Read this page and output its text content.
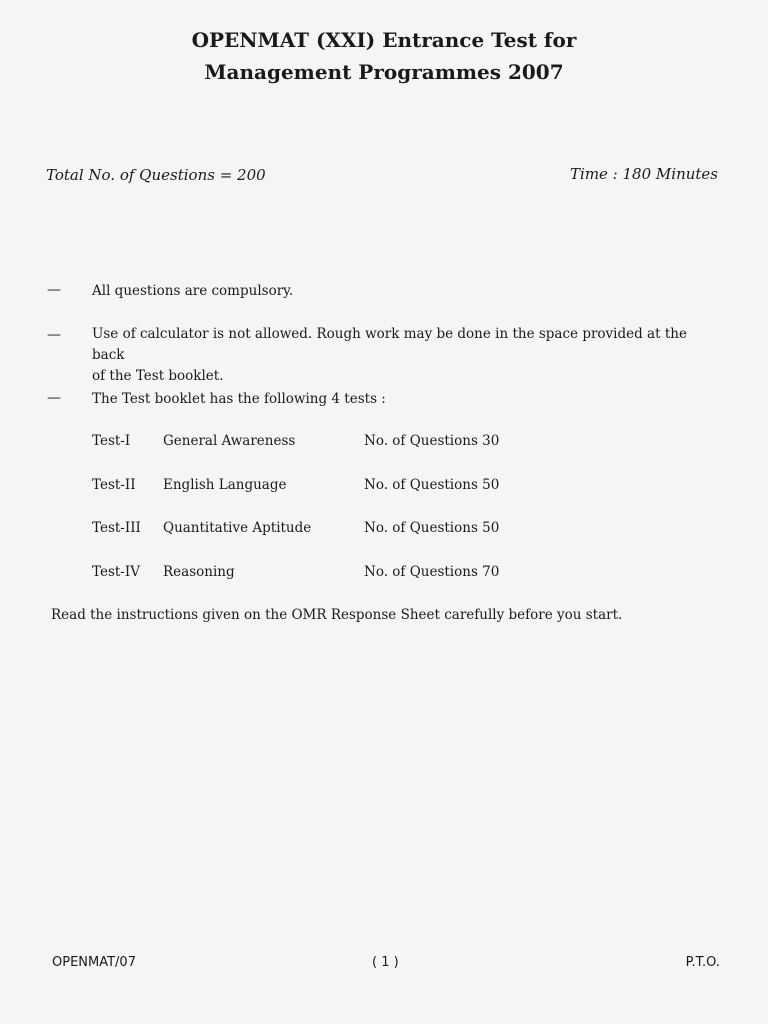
OPENMAT (XXI) Entrance Test for
Management Programmes 2007
Total No. of Questions = 200	Time : 180 Minutes
— All questions are compulsory.
— Use of calculator is not allowed. Rough work may be done in the space provided at the back
of the Test booklet.
— The Test booklet has the following 4 tests :
Test-I General Awareness	No. of Questions 30
Test-II English Language	No. of Questions 50
Test-III Quantitative Aptitude	No. of Questions 50
Test-IV Reasoning	No. of Questions 70
Read the instructions given on the OMR Response Sheet carefully before you start.
OPENMAT/07	( 1 )	P.T.O.
